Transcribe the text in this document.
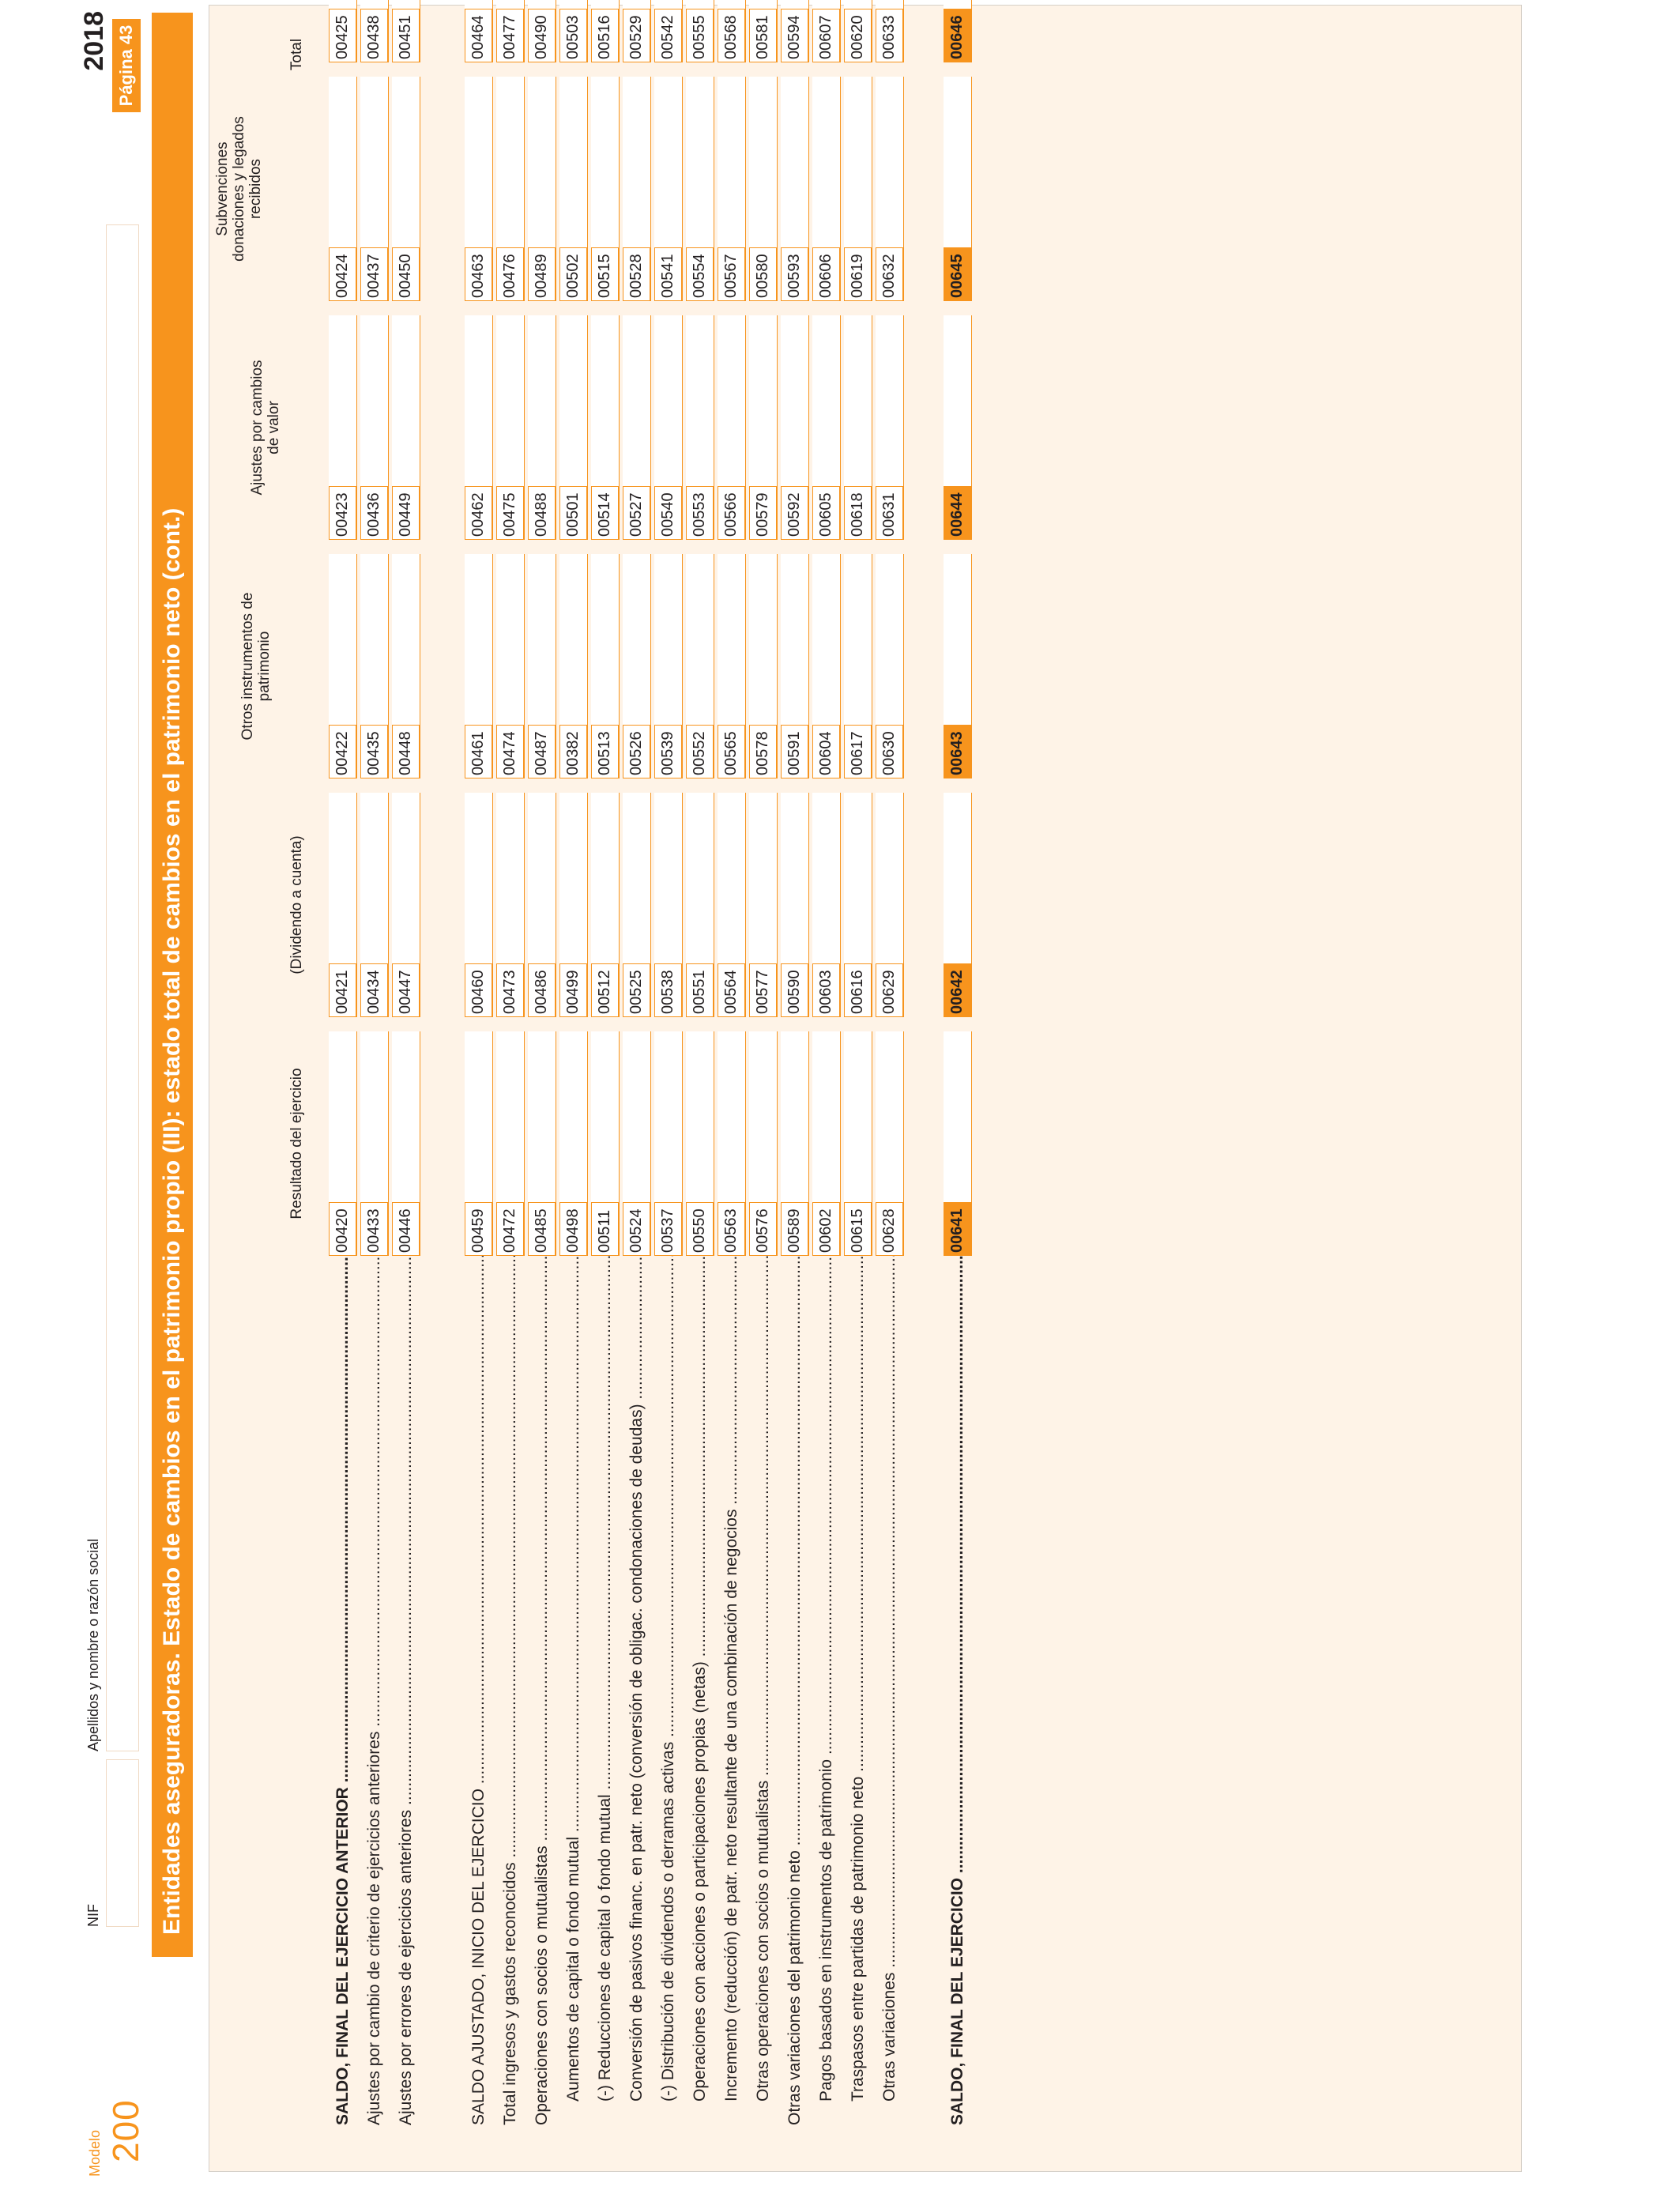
Modelo 200
NIF
Apellidos y nombre o razón social
2018 Página 43
Entidades aseguradoras. Estado de cambios en el patrimonio propio (III): estado total de cambios en el patrimonio neto (cont.)	Resultado del ejercicio
(Dividendo a cuenta)
Otros instrumentos de
patrimonio
Ajustes por cambios
de valor
Subvenciones
donaciones y legados
recibidos
Total
SALDO, FINAL DEL EJERCICIO ANTERIOR .....
00420
00421
00422
00423
00424
00425
Ajustes por cambio de criterio de ejercicios anteriores .....
00433
00434
00435
00436
00437
00438
Ajustes por errores de ejercicios anteriores .....
00446
00447
00448
00449
00450
00451
SALDO AJUSTADO, INICIO DEL EJERCICIO .....
00459
00460
00461
00462
00463
00464
Total ingresos y gastos reconocidos .....
00472
00473
00474
00475
00476
00477
Operaciones con socios o mutualistas .....
00485
00486
00487
00488
00489
00490
Aumentos de capital o fondo mutual .....
00498
00499
00382
00501
00502
00503
(-) Reducciones de capital o fondo mutual .....
00511
00512
00513
00514
00515
00516
Conversión de pasivos financ. en patr. neto (conversión de obligac. condonaciones de deudas) .....
00524
00525
00526
00527
00528
00529
(-) Distribución de dividendos o derramas activas .....
00537
00538
00539
00540
00541
00542
Operaciones con acciones o participaciones propias (netas) .....
00550
00551
00552
00553
00554
00555
Incremento (reducción) de patr. neto resultante de una combinación de negocios .....
00563
00564
00565
00566
00567
00568
Otras operaciones con socios o mutualistas .....
00576
00577
00578
00579
00580
00581
Otras variaciones del patrimonio neto .....
00589
00590
00591
00592
00593
00594
Pagos basados en instrumentos de patrimonio .....
00602
00603
00604
00605
00606
00607
Traspasos entre partidas de patrimonio neto .....
00615
00616
00617
00618
00619
00620
Otras variaciones .....
00628
00629
00630
00631
00632
00633
SALDO, FINAL DEL EJERCICIO .....
00641
00642
00643
00644
00645
00646
